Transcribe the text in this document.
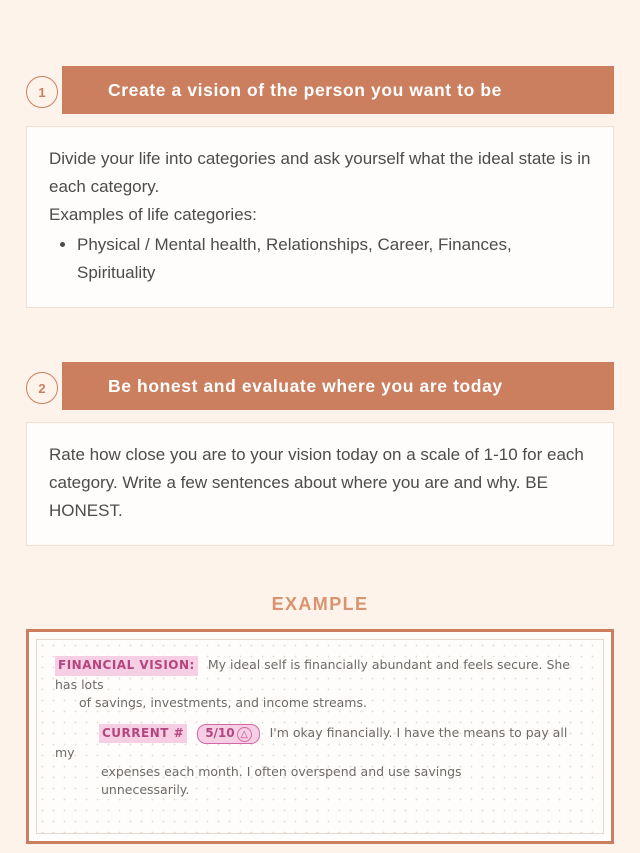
Create a vision of the person you want to be
1

Divide your life into categories and ask yourself what the ideal state is in each category.

Examples of life categories:

• Physical / Mental health, Relationships, Career, Finances, Spirituality
Be honest and evaluate where you are today
2

Rate how close you are to your vision today on a scale of 1-10 for each category. Write a few sentences about where you are and why. BE HONEST.

EXAMPLE
FINANCIAL VISION: My ideal self is financially abundant and feels secure. She has lots
of savings, investments, and income streams.
CURRENT # 5/10 △ I'm okay financially. I have the means to pay all my
expenses each month. I often overspend and use savings
unnecessarily.
